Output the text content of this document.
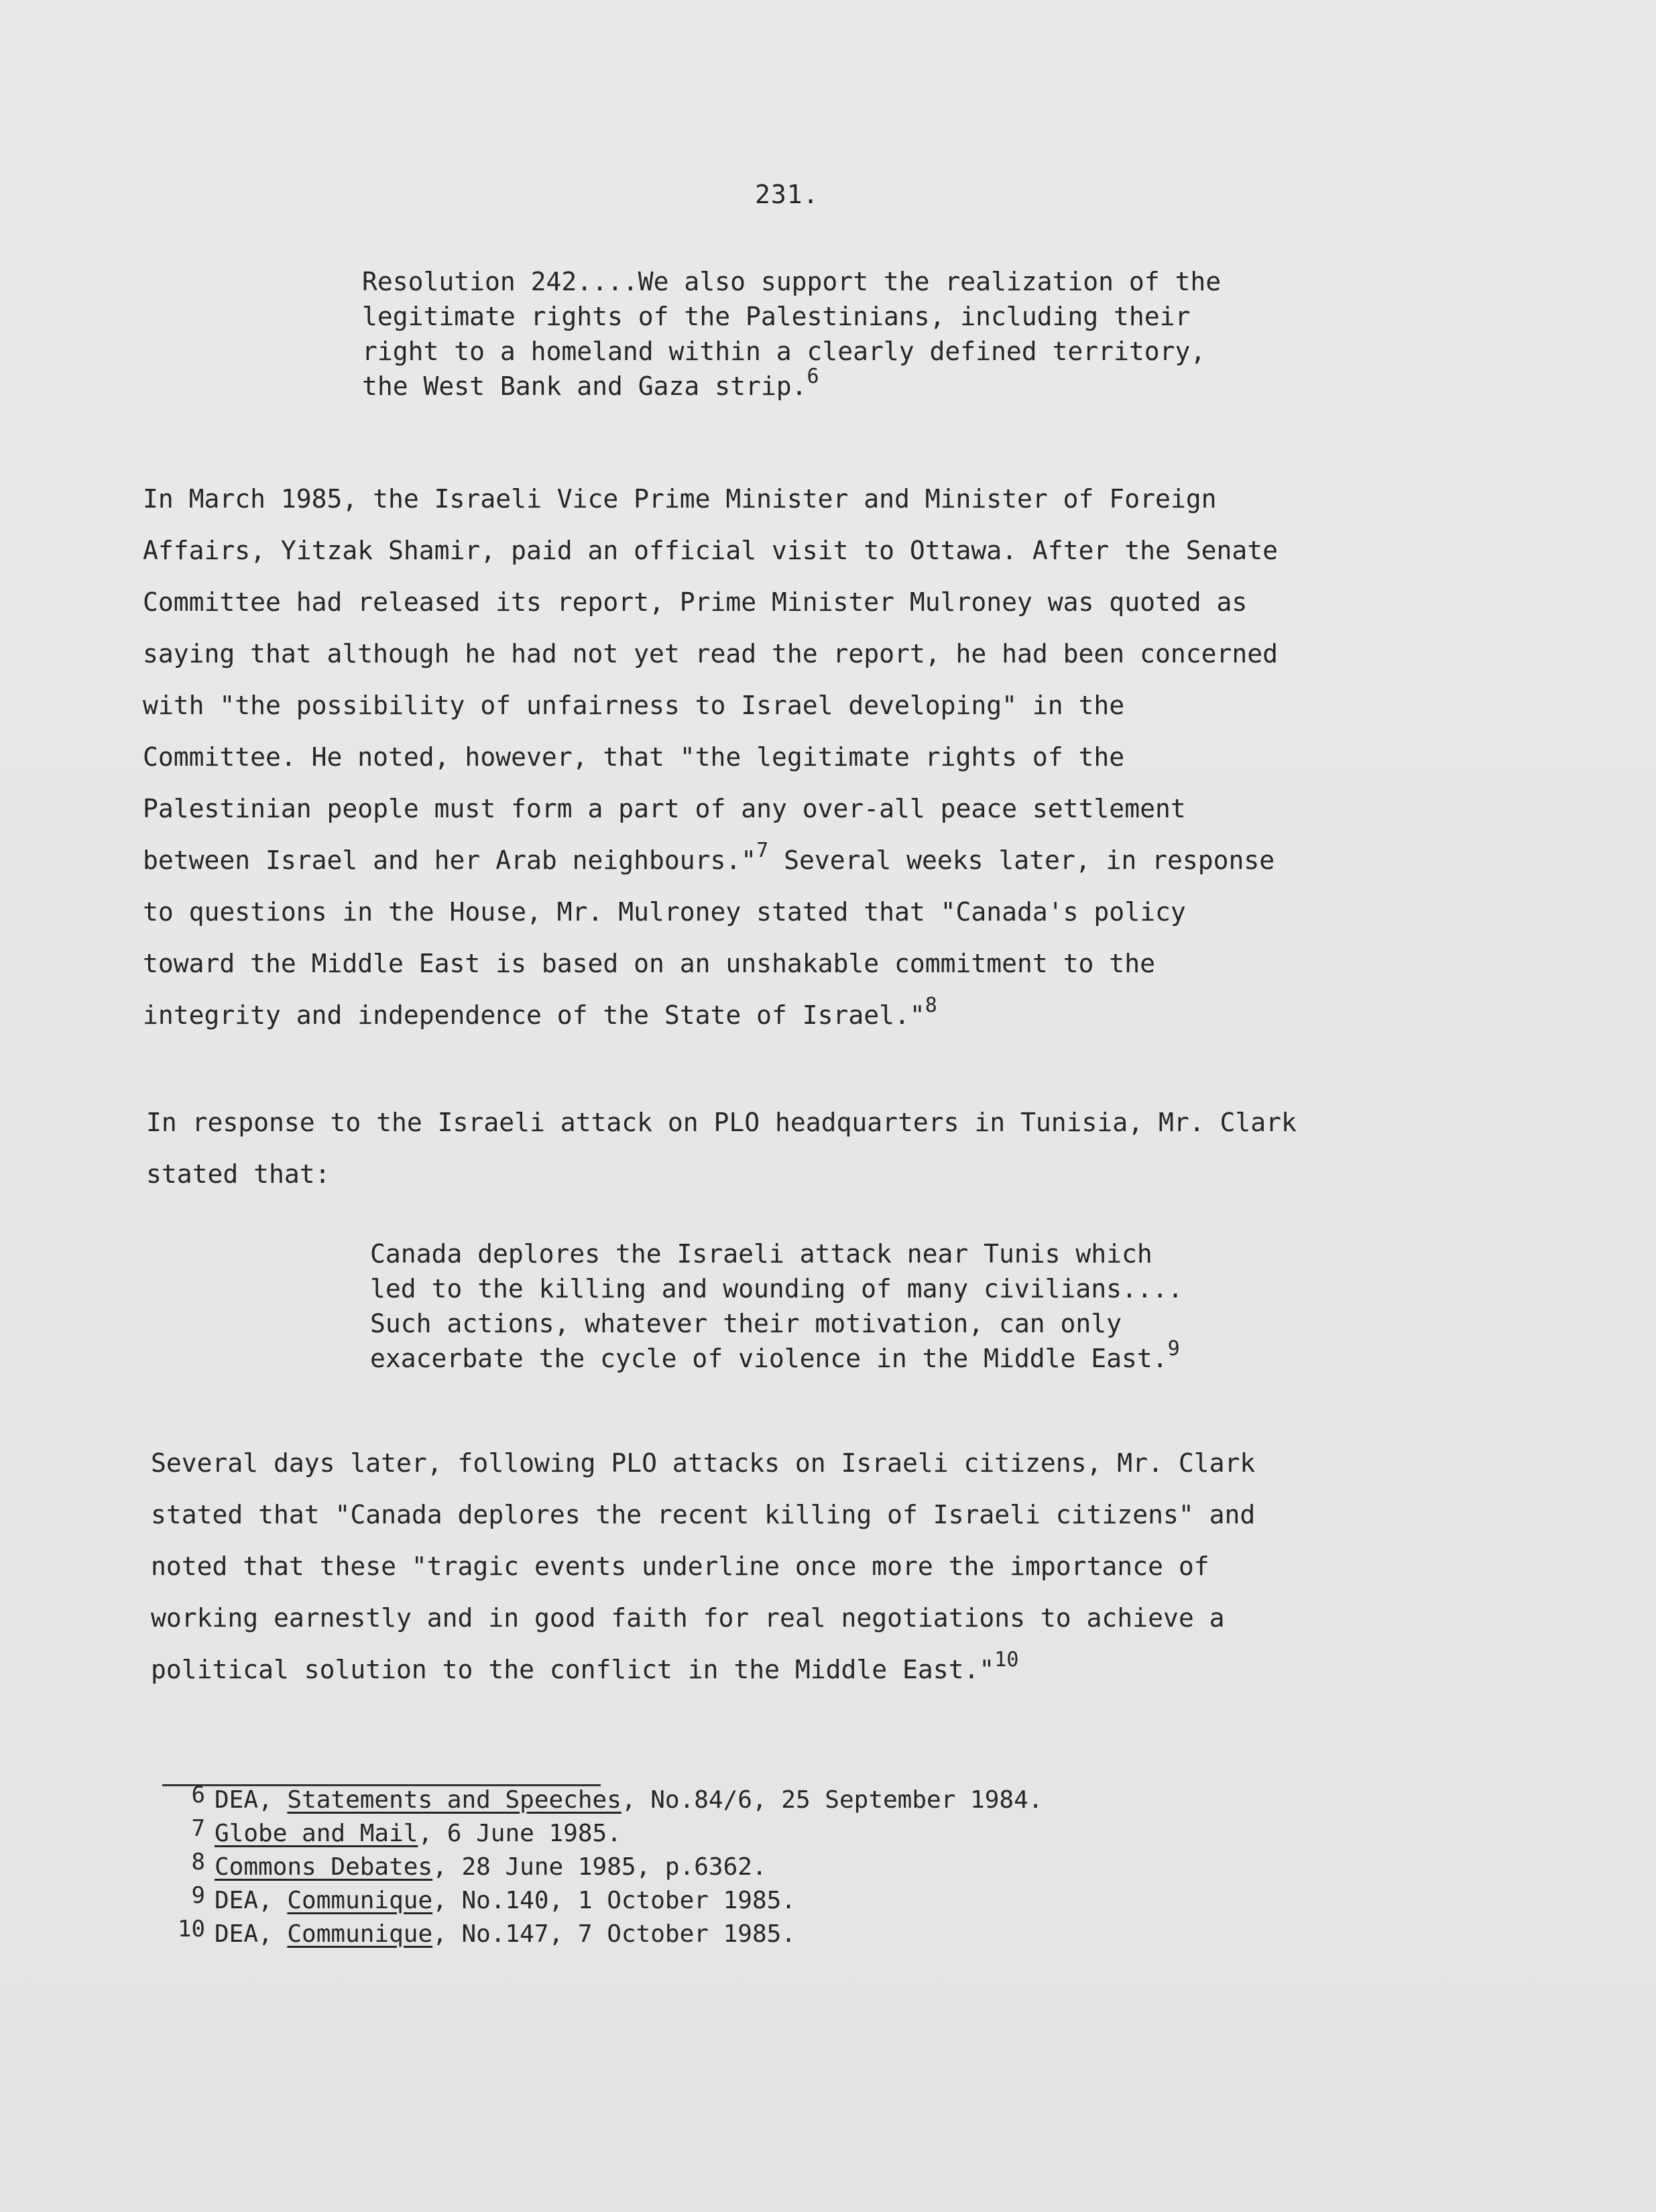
231.
Resolution 242....We also support the realization of the
legitimate rights of the Palestinians, including their
right to a homeland within a clearly defined territory,
the West Bank and Gaza strip.$^6$
In March 1985, the Israeli Vice Prime Minister and Minister of Foreign
Affairs, Yitzak Shamir, paid an official visit to Ottawa. After the Senate
Committee had released its report, Prime Minister Mulroney was quoted as
saying that although he had not yet read the report, he had been concerned
with "the possibility of unfairness to Israel developing" in the
Committee. He noted, however, that "the legitimate rights of the
Palestinian people must form a part of any over-all peace settlement
between Israel and her Arab neighbours."$^7$ Several weeks later, in response
to questions in the House, Mr. Mulroney stated that "Canada's policy
toward the Middle East is based on an unshakable commitment to the
integrity and independence of the State of Israel."$^8$
In response to the Israeli attack on PLO headquarters in Tunisia, Mr. Clark
stated that:
Canada deplores the Israeli attack near Tunis which
led to the killing and wounding of many civilians....
Such actions, whatever their motivation, can only
exacerbate the cycle of violence in the Middle East.$^9$
Several days later, following PLO attacks on Israeli citizens, Mr. Clark
stated that "Canada deplores the recent killing of Israeli citizens" and
noted that these "tragic events underline once more the importance of
working earnestly and in good faith for real negotiations to achieve a
political solution to the conflict in the Middle East."$^{10}$
6 DEA, Statements and Speeches, No.84/6, 25 September 1984.
7 Globe and Mail, 6 June 1985.
8 Commons Debates, 28 June 1985, p.6362.
9 DEA, Communique, No.140, 1 October 1985.
10 DEA, Communique, No.147, 7 October 1985.
